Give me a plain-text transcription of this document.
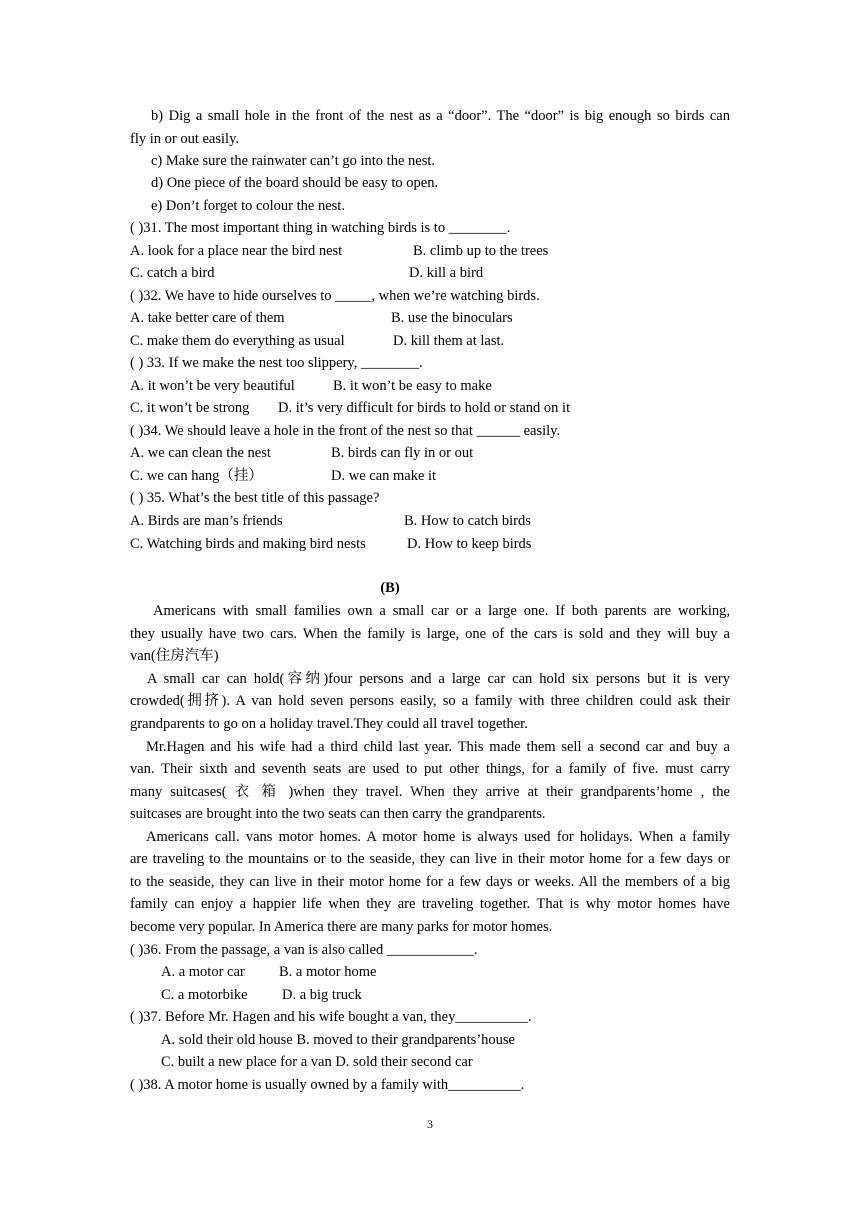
b) Dig a small hole in the front of the nest as a “door”. The “door” is big enough so birds can
fly in or out easily.
c) Make sure the rainwater can’t go into the nest.
d) One piece of the board should be easy to open.
e) Don’t forget to colour the nest.
( )31. The most important thing in watching birds is to ________.
A. look for a place near the bird nest	B. climb up to the trees
C. catch a bird	D. kill a bird
( )32. We have to hide ourselves to _____, when we’re watching birds.
A. take better care of them	B. use the binoculars
C. make them do everything as usual	D. kill them at last.
( ) 33. If we make the nest too slippery, ________.
A. it won’t be very beautiful	B. it won’t be easy to make
C. it won’t be strong D. it’s very difficult for birds to hold or stand on it
( )34. We should leave a hole in the front of the nest so that ______ easily.
A. we can clean the nest	B. birds can fly in or out
C. we can hang（挂）	D. we can make it
( ) 35. What’s the best title of this passage?
A. Birds are man’s friends	B. How to catch birds
C. Watching birds and making bird nests	D. How to keep birds
(B)
Americans with small families own a small car or a large one. If both parents are working,
they usually have two cars. When the family is large, one of the cars is sold and they will buy a
van(住房汽车)
A small car can hold(容纳)four persons and a large car can hold six persons but it is very
crowded(拥挤). A van hold seven persons easily, so a family with three children could ask their
grandparents to go on a holiday travel.They could all travel together.
Mr.Hagen and his wife had a third child last year. This made them sell a second car and buy a
van. Their sixth and seventh seats are used to put other things, for a family of five. must carry
many suitcases( 衣 箱 )when they travel. When they arrive at their grandparents’home , the
suitcases are brought into the two seats can then carry the grandparents.
Americans call. vans motor homes. A motor home is always used for holidays. When a family
are traveling to the mountains or to the seaside, they can live in their motor home for a few days or
to the seaside, they can live in their motor home for a few days or weeks. All the members of a big
family can enjoy a happier life when they are traveling together. That is why motor homes have
become very popular. In America there are many parks for motor homes.
( )36. From the passage, a van is also called ____________.
A. a motor car B. a motor home
C. a motorbike D. a big truck
( )37. Before Mr. Hagen and his wife bought a van, they__________.
A. sold their old house B. moved to their grandparents’house
C. built a new place for a van D. sold their second car
( )38. A motor home is usually owned by a family with__________.
3
